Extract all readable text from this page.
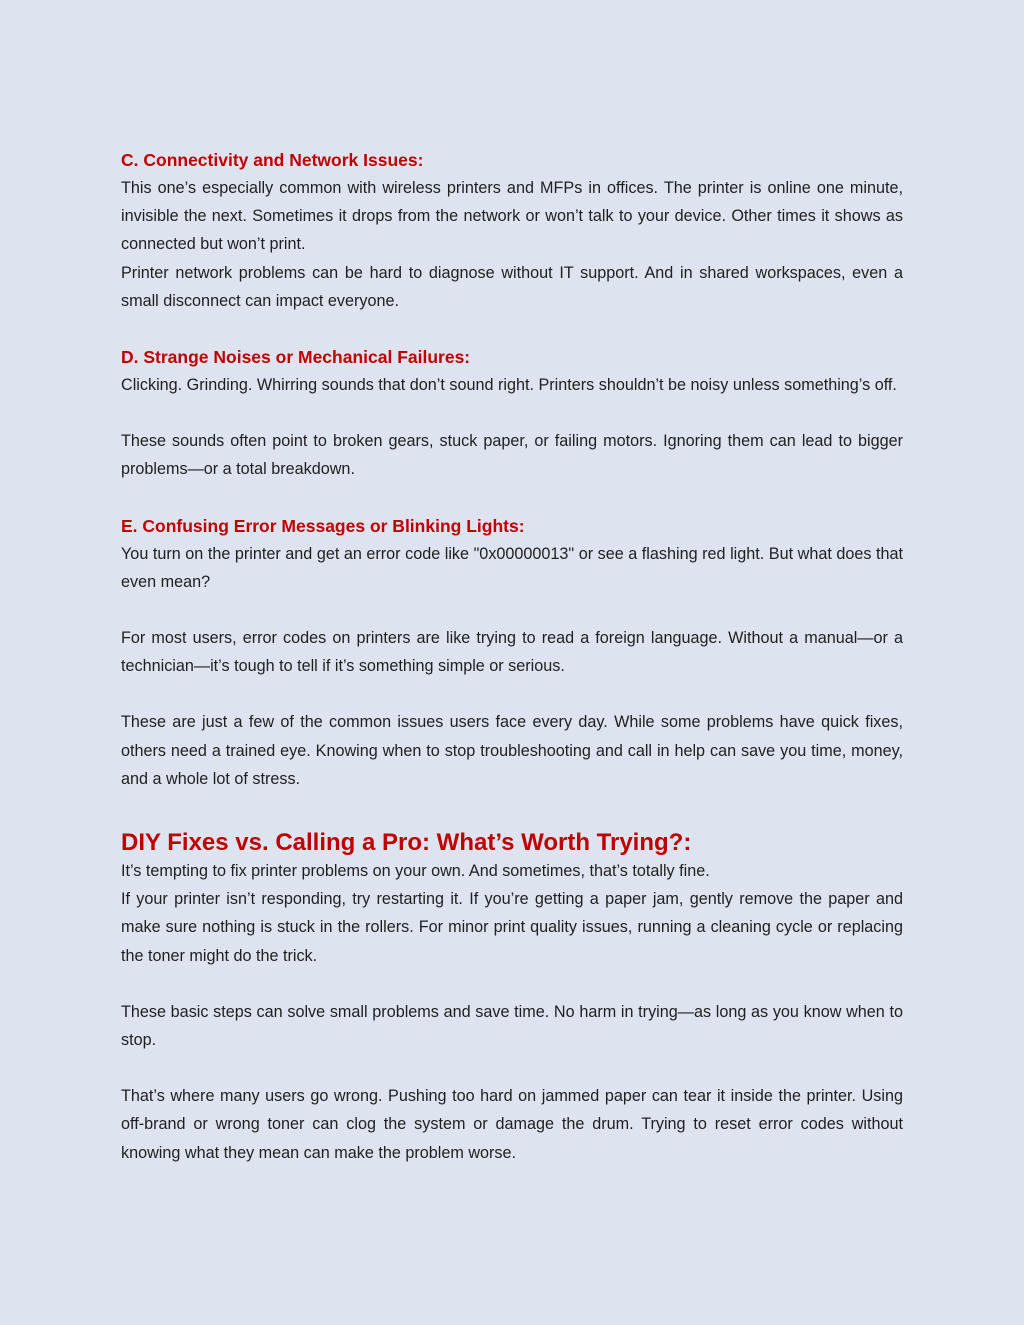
C. Connectivity and Network Issues:

This one’s especially common with wireless printers and MFPs in offices. The printer is online one minute, invisible the next. Sometimes it drops from the network or won’t talk to your device. Other times it shows as connected but won’t print.

Printer network problems can be hard to diagnose without IT support. And in shared workspaces, even a small disconnect can impact everyone.

D. Strange Noises or Mechanical Failures:

Clicking. Grinding. Whirring sounds that don’t sound right. Printers shouldn’t be noisy unless something’s off.

These sounds often point to broken gears, stuck paper, or failing motors. Ignoring them can lead to bigger problems—or a total breakdown.

E. Confusing Error Messages or Blinking Lights:

You turn on the printer and get an error code like "0x00000013" or see a flashing red light. But what does that even mean?

For most users, error codes on printers are like trying to read a foreign language. Without a manual—or a technician—it’s tough to tell if it’s something simple or serious.

These are just a few of the common issues users face every day. While some problems have quick fixes, others need a trained eye. Knowing when to stop troubleshooting and call in help can save you time, money, and a whole lot of stress.

DIY Fixes vs. Calling a Pro: What’s Worth Trying?:

It’s tempting to fix printer problems on your own. And sometimes, that’s totally fine.

If your printer isn’t responding, try restarting it. If you’re getting a paper jam, gently remove the paper and make sure nothing is stuck in the rollers. For minor print quality issues, running a cleaning cycle or replacing the toner might do the trick.

These basic steps can solve small problems and save time. No harm in trying—as long as you know when to stop.

That’s where many users go wrong. Pushing too hard on jammed paper can tear it inside the printer. Using off-brand or wrong toner can clog the system or damage the drum. Trying to reset error codes without knowing what they mean can make the problem worse.
